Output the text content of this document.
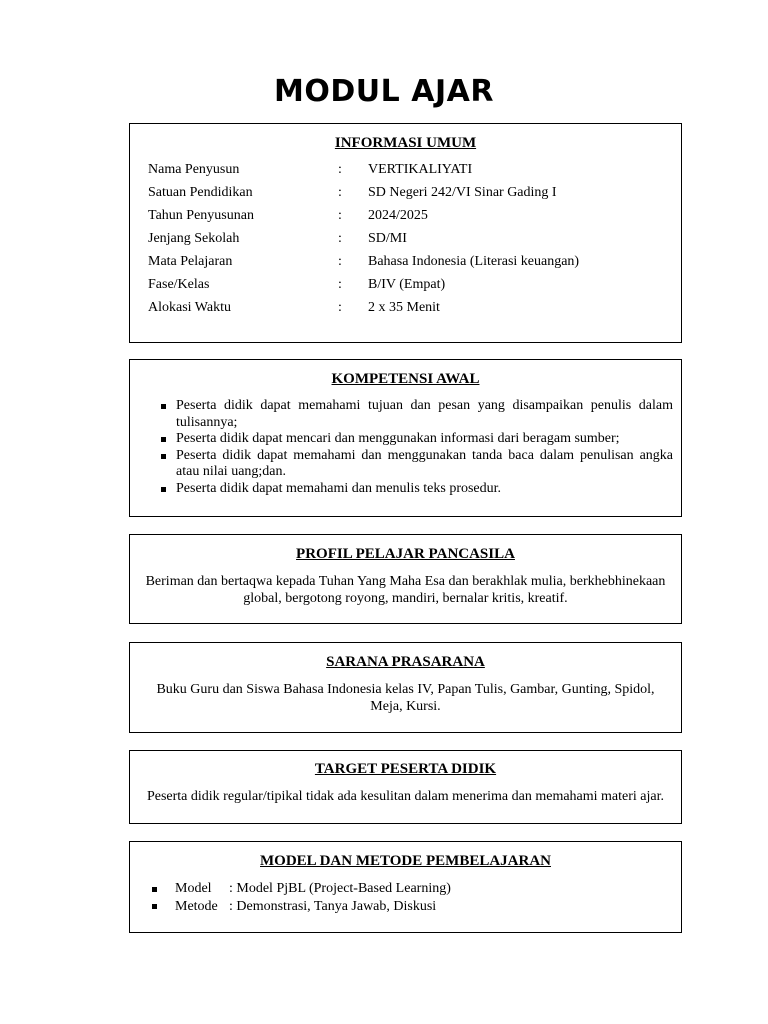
MODUL AJAR

INFORMASI UMUM

Nama Penyusun	:	VERTIKALIYATI
Satuan Pendidikan	:	SD Negeri 242/VI Sinar Gading I
Tahun Penyusunan	:	2024/2025
Jenjang Sekolah	:	SD/MI
Mata Pelajaran	:	Bahasa Indonesia (Literasi keuangan)
Fase/Kelas	:	B/IV (Empat)
Alokasi Waktu	:	2 x 35 Menit

KOMPETENSI AWAL

Peserta didik dapat memahami tujuan dan pesan yang disampaikan penulis dalam tulisannya;
Peserta didik dapat mencari dan menggunakan informasi dari beragam sumber;
Peserta didik dapat memahami dan menggunakan tanda baca dalam penulisan angka atau nilai uang;dan.
Peserta didik dapat memahami dan menulis teks prosedur.

PROFIL PELAJAR PANCASILA

Beriman dan bertaqwa kepada Tuhan Yang Maha Esa dan berakhlak mulia, berkhebhinekaan global, bergotong royong, mandiri, bernalar kritis, kreatif.

SARANA PRASARANA

Buku Guru dan Siswa Bahasa Indonesia kelas IV, Papan Tulis, Gambar, Gunting, Spidol, Meja, Kursi.

TARGET PESERTA DIDIK

Peserta didik regular/tipikal tidak ada kesulitan dalam menerima dan memahami materi ajar.

MODEL DAN METODE PEMBELAJARAN

Model	: Model PjBL (Project-Based Learning)
Metode : Demonstrasi, Tanya Jawab, Diskusi
